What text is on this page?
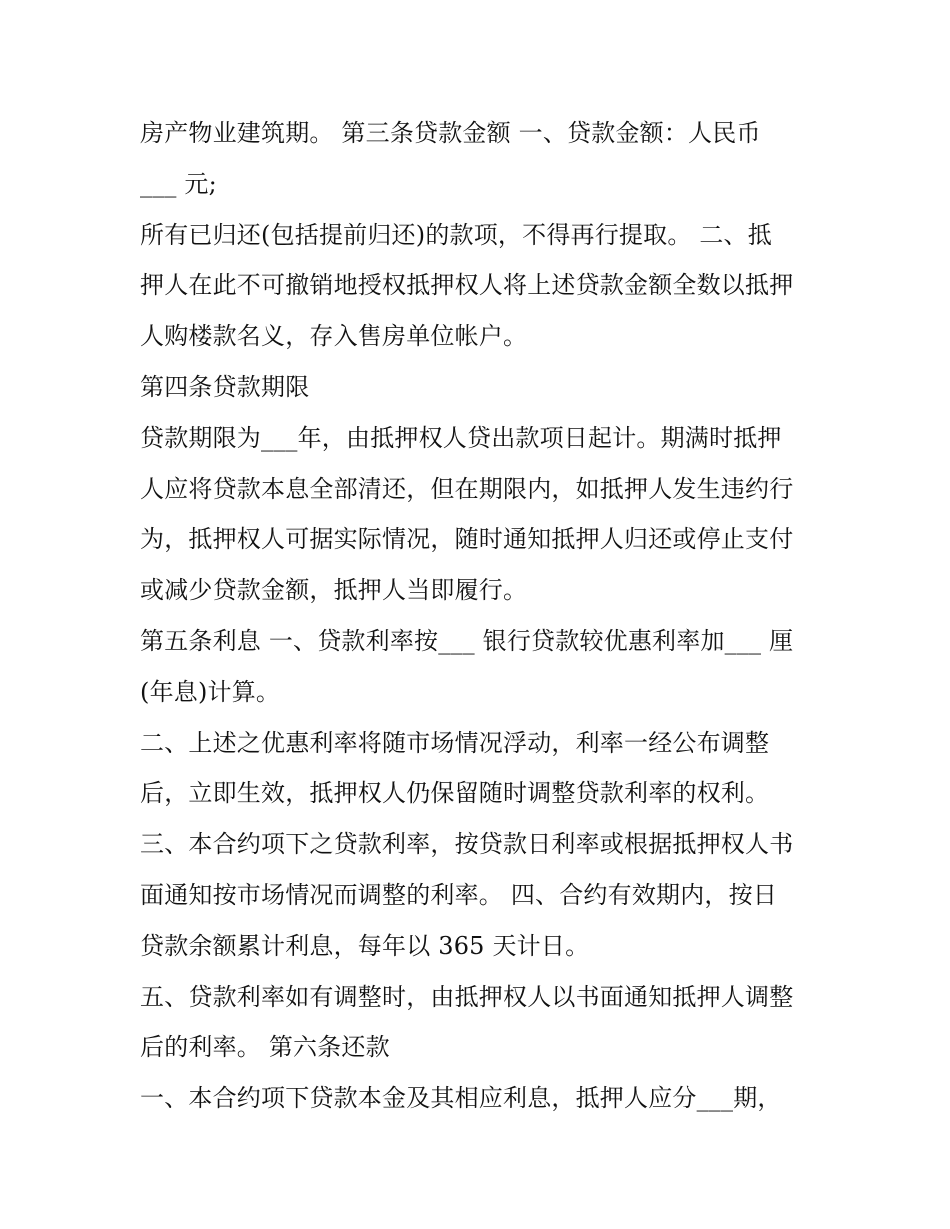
房产物业建筑期。 第三条贷款金额 一、贷款金额：人民币
___ 元;
所有已归还(包括提前归还)的款项，不得再行提取。 二、抵
押人在此不可撤销地授权抵押权人将上述贷款金额全数以抵押
人购楼款名义，存入售房单位帐户。
第四条贷款期限
贷款期限为___年，由抵押权人贷出款项日起计。期满时抵押
人应将贷款本息全部清还，但在期限内，如抵押人发生违约行
为，抵押权人可据实际情况，随时通知抵押人归还或停止支付
或减少贷款金额，抵押人当即履行。
第五条利息 一、贷款利率按___ 银行贷款较优惠利率加___ 厘
(年息)计算。
二、上述之优惠利率将随市场情况浮动，利率一经公布调整
后，立即生效，抵押权人仍保留随时调整贷款利率的权利。
三、本合约项下之贷款利率，按贷款日利率或根据抵押权人书
面通知按市场情况而调整的利率。 四、合约有效期内，按日
贷款余额累计利息，每年以 365 天计日。
五、贷款利率如有调整时，由抵押权人以书面通知抵押人调整
后的利率。 第六条还款
一、本合约项下贷款本金及其相应利息，抵押人应分___期，
